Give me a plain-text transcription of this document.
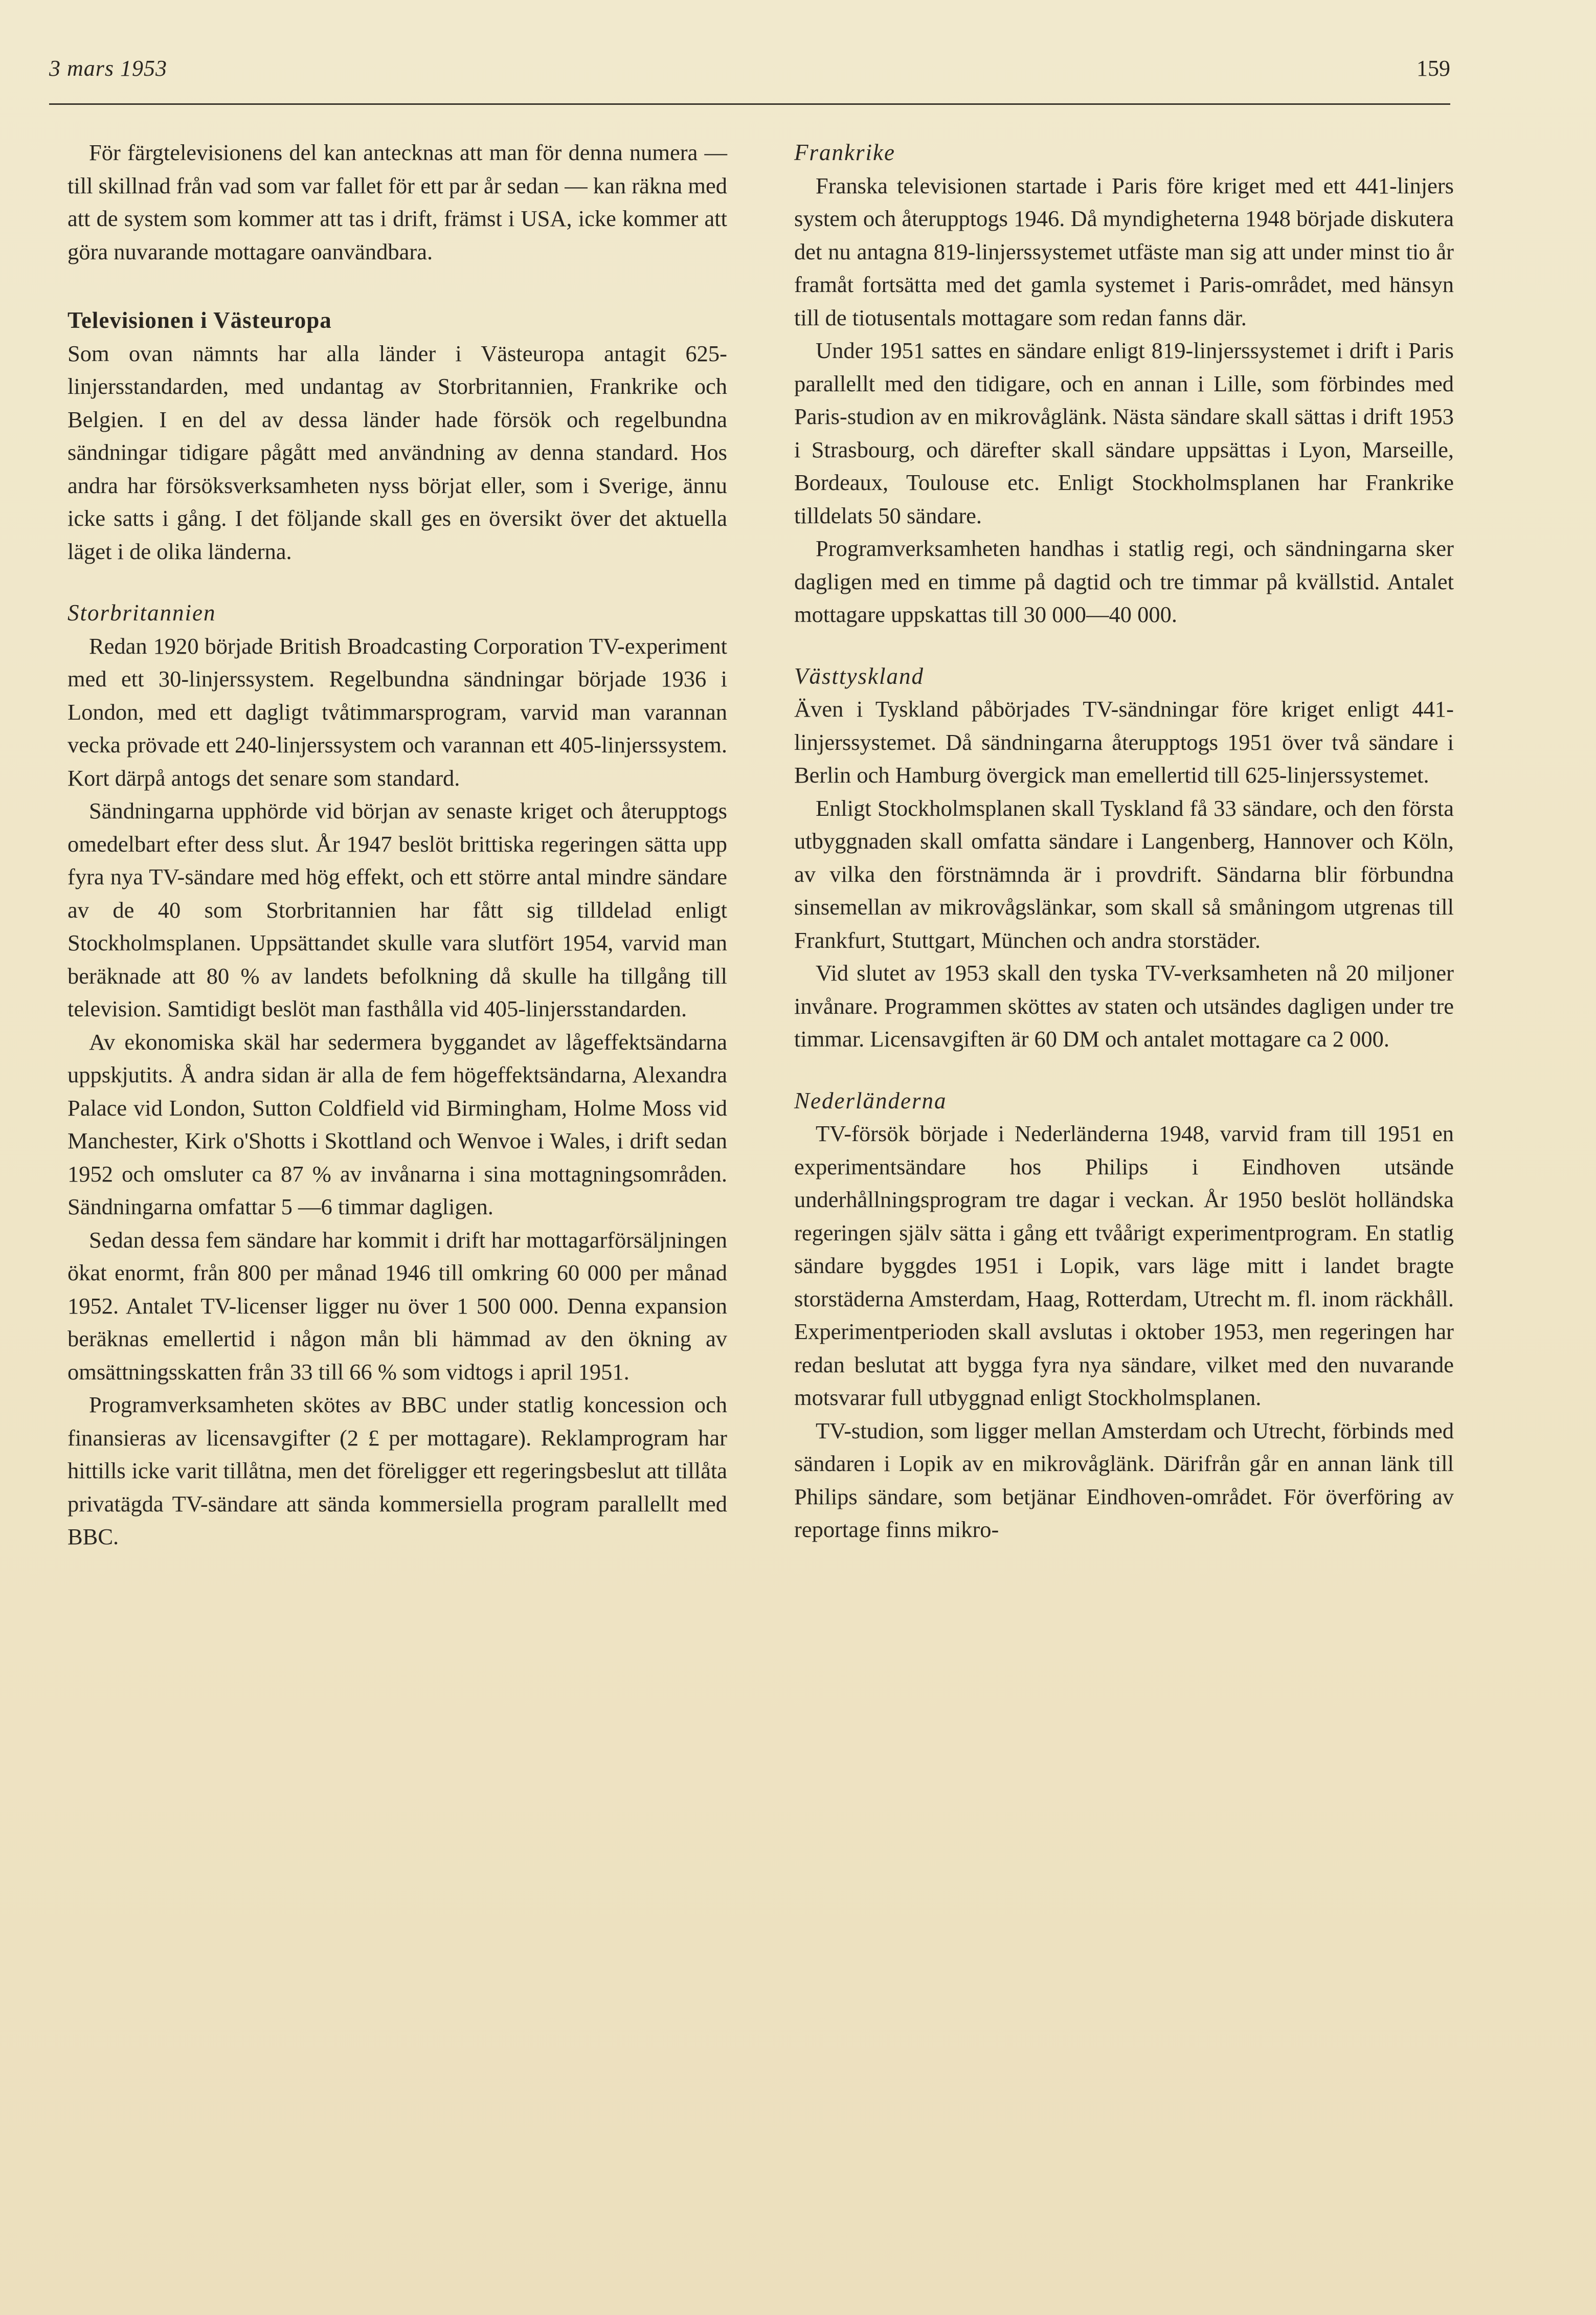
3 mars 1953	159

För färgtelevisionens del kan antecknas att man för denna numera — till skillnad från vad som var fallet för ett par år sedan — kan räkna med att de system som kommer att tas i drift, främst i USA, icke kommer att göra nuvarande mottagare oanvändbara.

Televisionen i Västeuropa

Som ovan nämnts har alla länder i Västeuropa antagit 625-linjersstandarden, med undantag av Storbritannien, Frankrike och Belgien. I en del av dessa länder hade försök och regelbundna sändningar tidigare pågått med användning av denna standard. Hos andra har försöksverksamheten nyss börjat eller, som i Sverige, ännu icke satts i gång. I det följande skall ges en översikt över det aktuella läget i de olika länderna.

Storbritannien

Redan 1920 började British Broadcasting Corporation TV-experiment med ett 30-linjerssystem. Regelbundna sändningar började 1936 i London, med ett dagligt tvåtimmarsprogram, varvid man varannan vecka prövade ett 240-linjerssystem och varannan ett 405-linjerssystem. Kort därpå antogs det senare som standard.

Sändningarna upphörde vid början av senaste kriget och återupptogs omedelbart efter dess slut. År 1947 beslöt brittiska regeringen sätta upp fyra nya TV-sändare med hög effekt, och ett större antal mindre sändare av de 40 som Storbritannien har fått sig tilldelad enligt Stockholmsplanen. Uppsättandet skulle vara slutfört 1954, varvid man beräknade att 80 % av landets befolkning då skulle ha tillgång till television. Samtidigt beslöt man fasthålla vid 405-linjersstandarden.

Av ekonomiska skäl har sedermera byggandet av lågeffektsändarna uppskjutits. Å andra sidan är alla de fem högeffektsändarna, Alexandra Palace vid London, Sutton Coldfield vid Birmingham, Holme Moss vid Manchester, Kirk o'Shotts i Skottland och Wenvoe i Wales, i drift sedan 1952 och omsluter ca 87 % av invånarna i sina mottagningsområden. Sändningarna omfattar 5 —6 timmar dagligen.

Sedan dessa fem sändare har kommit i drift har mottagarförsäljningen ökat enormt, från 800 per månad 1946 till omkring 60 000 per månad 1952. Antalet TV-licenser ligger nu över 1 500 000. Denna expansion beräknas emellertid i någon mån bli hämmad av den ökning av omsättningsskatten från 33 till 66 % som vidtogs i april 1951.

Programverksamheten skötes av BBC under statlig koncession och finansieras av licensavgifter (2 £ per mottagare). Reklamprogram har hittills icke varit tillåtna, men det föreligger ett regeringsbeslut att tillåta privatägda TV-sändare att sända kommersiella program parallellt med BBC.

Frankrike

Franska televisionen startade i Paris före kriget med ett 441-linjers system och återupptogs 1946. Då myndigheterna 1948 började diskutera det nu antagna 819-linjerssystemet utfäste man sig att under minst tio år framåt fortsätta med det gamla systemet i Paris-området, med hänsyn till de tiotusentals mottagare som redan fanns där.

Under 1951 sattes en sändare enligt 819-linjerssystemet i drift i Paris parallellt med den tidigare, och en annan i Lille, som förbindes med Paris-studion av en mikrovåglänk. Nästa sändare skall sättas i drift 1953 i Strasbourg, och därefter skall sändare uppsättas i Lyon, Marseille, Bordeaux, Toulouse etc. Enligt Stockholmsplanen har Frankrike tilldelats 50 sändare.

Programverksamheten handhas i statlig regi, och sändningarna sker dagligen med en timme på dagtid och tre timmar på kvällstid. Antalet mottagare uppskattas till 30 000—40 000.

Västtyskland

Även i Tyskland påbörjades TV-sändningar före kriget enligt 441-linjerssystemet. Då sändningarna återupptogs 1951 över två sändare i Berlin och Hamburg övergick man emellertid till 625-linjerssystemet.

Enligt Stockholmsplanen skall Tyskland få 33 sändare, och den första utbyggnaden skall omfatta sändare i Langenberg, Hannover och Köln, av vilka den förstnämnda är i provdrift. Sändarna blir förbundna sinsemellan av mikrovågslänkar, som skall så småningom utgrenas till Frankfurt, Stuttgart, München och andra storstäder.

Vid slutet av 1953 skall den tyska TV-verksamheten nå 20 miljoner invånare. Programmen sköttes av staten och utsändes dagligen under tre timmar. Licensavgiften är 60 DM och antalet mottagare ca 2 000.

Nederländerna

TV-försök började i Nederländerna 1948, varvid fram till 1951 en experimentsändare hos Philips i Eindhoven utsände underhållningsprogram tre dagar i veckan. År 1950 beslöt holländska regeringen själv sätta i gång ett tvåårigt experimentprogram. En statlig sändare byggdes 1951 i Lopik, vars läge mitt i landet bragte storstäderna Amsterdam, Haag, Rotterdam, Utrecht m. fl. inom räckhåll. Experimentperioden skall avslutas i oktober 1953, men regeringen har redan beslutat att bygga fyra nya sändare, vilket med den nuvarande motsvarar full utbyggnad enligt Stockholmsplanen.

TV-studion, som ligger mellan Amsterdam och Utrecht, förbinds med sändaren i Lopik av en mikrovåglänk. Därifrån går en annan länk till Philips sändare, som betjänar Eindhoven-området. För överföring av reportage finns mikro-
